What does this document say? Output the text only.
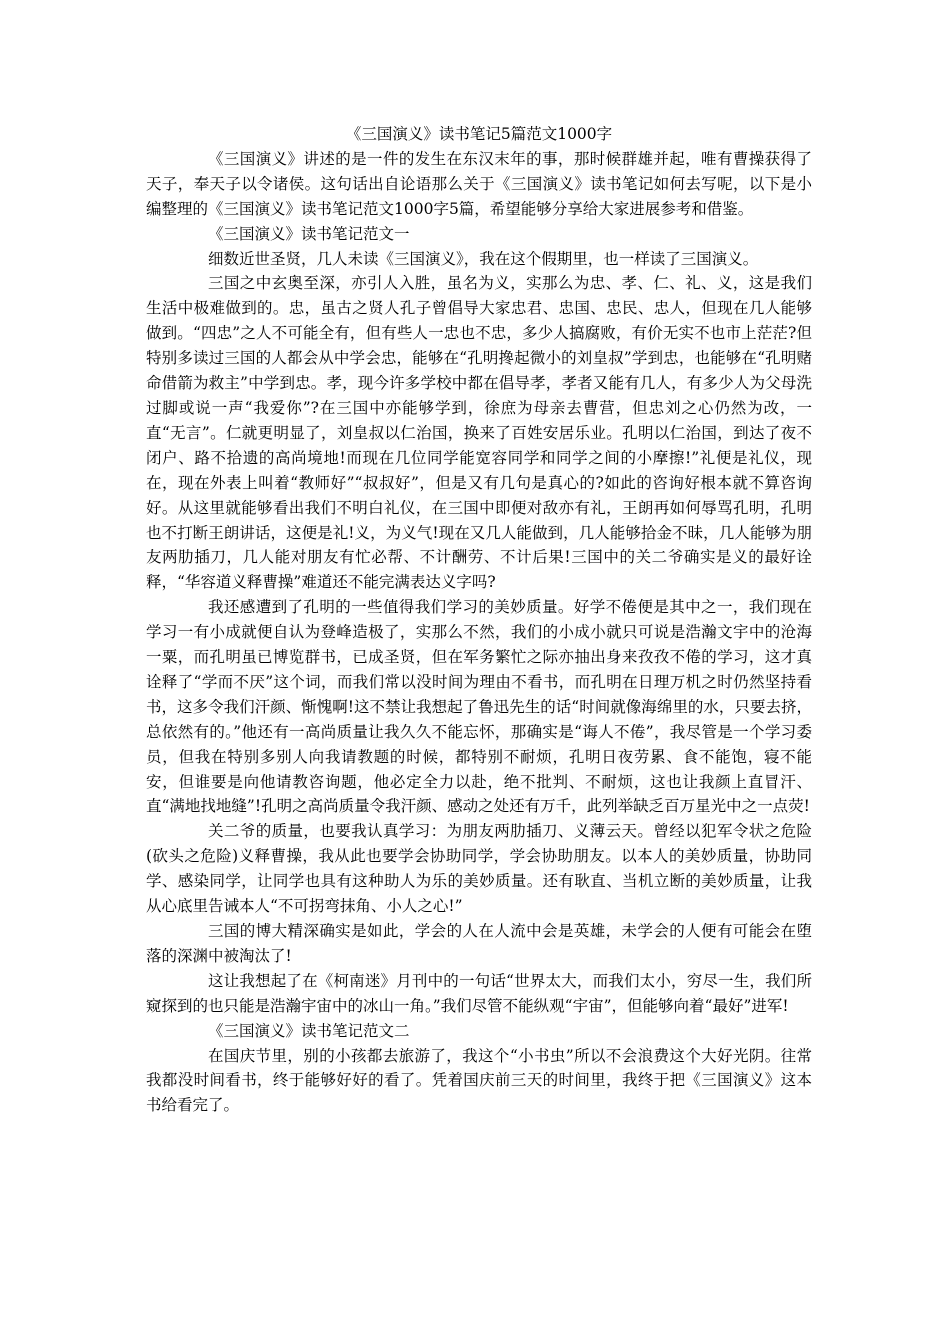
《三国演义》读书笔记5篇范文1000字

《三国演义》讲述的是一件的发生在东汉末年的事，那时候群雄并起，唯有曹操获得了天子，奉天子以令诸侯。这句话出自论语那么关于《三国演义》读书笔记如何去写呢，以下是小编整理的《三国演义》读书笔记范文1000字5篇，希望能够分享给大家进展参考和借鉴。

《三国演义》读书笔记范文一

细数近世圣贤，几人未读《三国演义》，我在这个假期里，也一样读了三国演义。

三国之中玄奥至深，亦引人入胜，虽名为义，实那么为忠、孝、仁、礼、义，这是我们生活中极难做到的。忠，虽古之贤人孔子曾倡导大家忠君、忠国、忠民、忠人，但现在几人能够做到。“四忠”之人不可能全有，但有些人一忠也不忠，多少人搞腐败，有价无实不也市上茫茫?但特别多读过三国的人都会从中学会忠，能够在“孔明搀起微小的刘皇叔”学到忠，也能够在“孔明赌命借箭为救主”中学到忠。孝，现今许多学校中都在倡导孝，孝者又能有几人，有多少人为父母洗过脚或说一声“我爱你”?在三国中亦能够学到，徐庶为母亲去曹营，但忠刘之心仍然为改，一直“无言”。仁就更明显了，刘皇叔以仁治国，换来了百姓安居乐业。孔明以仁治国，到达了夜不闭户、路不拾遗的高尚境地!而现在几位同学能宽容同学和同学之间的小摩擦!”礼便是礼仪，现在，现在外表上叫着“教师好”“叔叔好”，但是又有几句是真心的?如此的咨询好根本就不算咨询好。从这里就能够看出我们不明白礼仪，在三国中即便对敌亦有礼，王朗再如何辱骂孔明，孔明也不打断王朗讲话，这便是礼!义，为义气!现在又几人能做到，几人能够拾金不昧，几人能够为朋友两肋插刀，几人能对朋友有忙必帮、不计酬劳、不计后果!三国中的关二爷确实是义的最好诠释，“华容道义释曹操”难道还不能完满表达义字吗?

我还感遭到了孔明的一些值得我们学习的美妙质量。好学不倦便是其中之一，我们现在学习一有小成就便自认为登峰造极了，实那么不然，我们的小成小就只可说是浩瀚文宇中的沧海一粟，而孔明虽已博览群书，已成圣贤，但在军务繁忙之际亦抽出身来孜孜不倦的学习，这才真诠释了“学而不厌”这个词，而我们常以没时间为理由不看书，而孔明在日理万机之时仍然坚持看书，这多令我们汗颜、惭愧啊!这不禁让我想起了鲁迅先生的话“时间就像海绵里的水，只要去挤，总依然有的。”他还有一高尚质量让我久久不能忘怀，那确实是“诲人不倦”，我尽管是一个学习委员，但我在特别多别人向我请教题的时候，都特别不耐烦，孔明日夜劳累、食不能饱，寝不能安，但谁要是向他请教咨询题，他必定全力以赴，绝不批判、不耐烦，这也让我颜上直冒汗、直“满地找地缝”!孔明之高尚质量令我汗颜、感动之处还有万千，此列举缺乏百万星光中之一点荧!

关二爷的质量，也要我认真学习：为朋友两肋插刀、义薄云天。曾经以犯军令状之危险(砍头之危险)义释曹操，我从此也要学会协助同学，学会协助朋友。以本人的美妙质量，协助同学、感染同学，让同学也具有这种助人为乐的美妙质量。还有耿直、当机立断的美妙质量，让我从心底里告诫本人“不可拐弯抹角、小人之心!”

三国的博大精深确实是如此，学会的人在人流中会是英雄，未学会的人便有可能会在堕落的深渊中被淘汰了!

这让我想起了在《柯南迷》月刊中的一句话“世界太大，而我们太小，穷尽一生，我们所窥探到的也只能是浩瀚宇宙中的冰山一角。”我们尽管不能纵观“宇宙”，但能够向着“最好”进军!

《三国演义》读书笔记范文二

在国庆节里，别的小孩都去旅游了，我这个“小书虫”所以不会浪费这个大好光阴。往常我都没时间看书，终于能够好好的看了。凭着国庆前三天的时间里，我终于把《三国演义》这本书给看完了。
